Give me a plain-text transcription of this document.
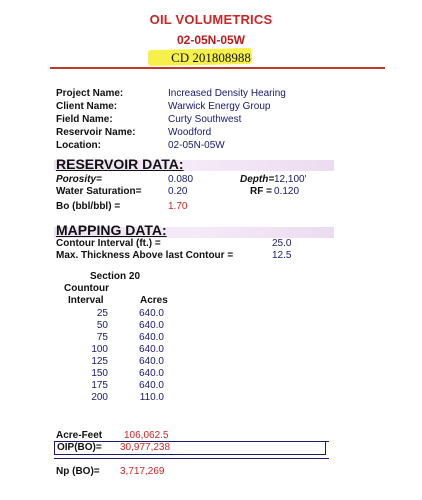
OIL VOLUMETRICS
02-05N-05W
CD 201808988
Project Name:	Increased Density Hearing
Client Name:	Warwick Energy Group
Field Name:	Curty Southwest
Reservoir Name:	Woodford
Location:	02-05N-05W
RESERVOIR DATA:
Porosity=	0.080	Depth= 12,100'
Water Saturation=	0.20	RF = 0.120
Bo (bbl/bbl) =	1.70
MAPPING DATA:
Contour Interval (ft.) =	25.0
Max. Thickness Above last Contour =	12.5
Section 20
Countour
Interval	Acres
25	640.0
50	640.0
75	640.0
100	640.0
125	640.0
150	640.0
175	640.0
200	110.0
Acre-Feet 106,062.5
OIP(BO)= 30,977,238
Np (BO)= 3,717,269
